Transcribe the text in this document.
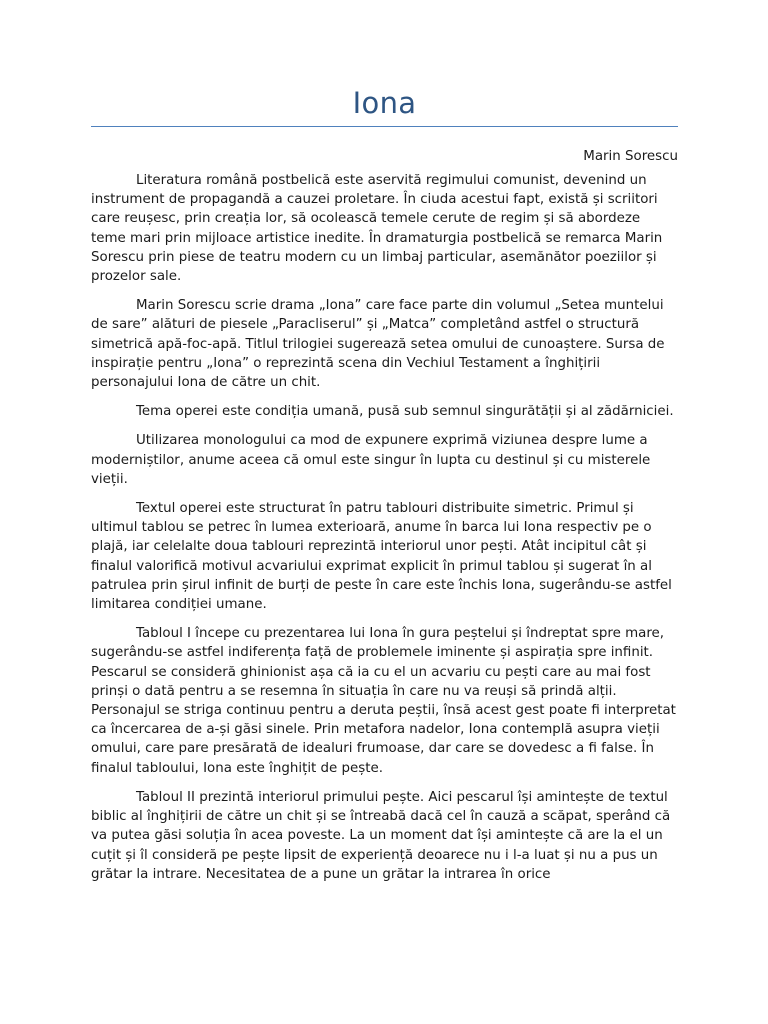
Iona
Marin Sorescu

Literatura română postbelică este aservită regimului comunist, devenind un instrument de propagandă a cauzei proletare. În ciuda acestui fapt, există și scriitori care reușesc, prin creația lor, să ocolească temele cerute de regim și să abordeze teme mari prin mijloace artistice inedite. În dramaturgia postbelică se remarca Marin Sorescu prin piese de teatru modern cu un limbaj particular, asemănător poeziilor și prozelor sale.

Marin Sorescu scrie drama „Iona” care face parte din volumul „Setea muntelui de sare” alături de piesele „Paracliserul” și „Matca” completând astfel o structură simetrică apă-foc-apă. Titlul trilogiei sugerează setea omului de cunoaștere. Sursa de inspirație pentru „Iona” o reprezintă scena din Vechiul Testament a înghițirii personajului Iona de către un chit.

Tema operei este condiția umană, pusă sub semnul singurătății și al zădărniciei.

Utilizarea monologului ca mod de expunere exprimă viziunea despre lume a moderniștilor, anume aceea că omul este singur în lupta cu destinul și cu misterele vieții.

Textul operei este structurat în patru tablouri distribuite simetric. Primul și ultimul tablou se petrec în lumea exterioară, anume în barca lui Iona respectiv pe o plajă, iar celelalte doua tablouri reprezintă interiorul unor pești. Atât incipitul cât și finalul valorifică motivul acvariului exprimat explicit în primul tablou și sugerat în al patrulea prin șirul infinit de burți de peste în care este închis Iona, sugerându-se astfel limitarea condiției umane.

Tabloul I începe cu prezentarea lui Iona în gura peștelui și îndreptat spre mare, sugerându-se astfel indiferența față de problemele iminente și aspirația spre infinit. Pescarul se consideră ghinionist așa că ia cu el un acvariu cu pești care au mai fost prinși o dată pentru a se resemna în situația în care nu va reuși să prindă alții. Personajul se striga continuu pentru a deruta peștii, însă acest gest poate fi interpretat ca încercarea de a-și găsi sinele. Prin metafora nadelor, Iona contemplă asupra vieții omului, care pare presărată de idealuri frumoase, dar care se dovedesc a fi false. În finalul tabloului, Iona este înghițit de pește.

Tabloul II prezintă interiorul primului pește. Aici pescarul își amintește de textul biblic al înghițirii de către un chit și se întreabă dacă cel în cauză a scăpat, sperând că va putea găsi soluția în acea poveste. La un moment dat își amintește că are la el un cuțit și îl consideră pe pește lipsit de experiență deoarece nu i l-a luat și nu a pus un grătar la intrare. Necesitatea de a pune un grătar la intrarea în orice
